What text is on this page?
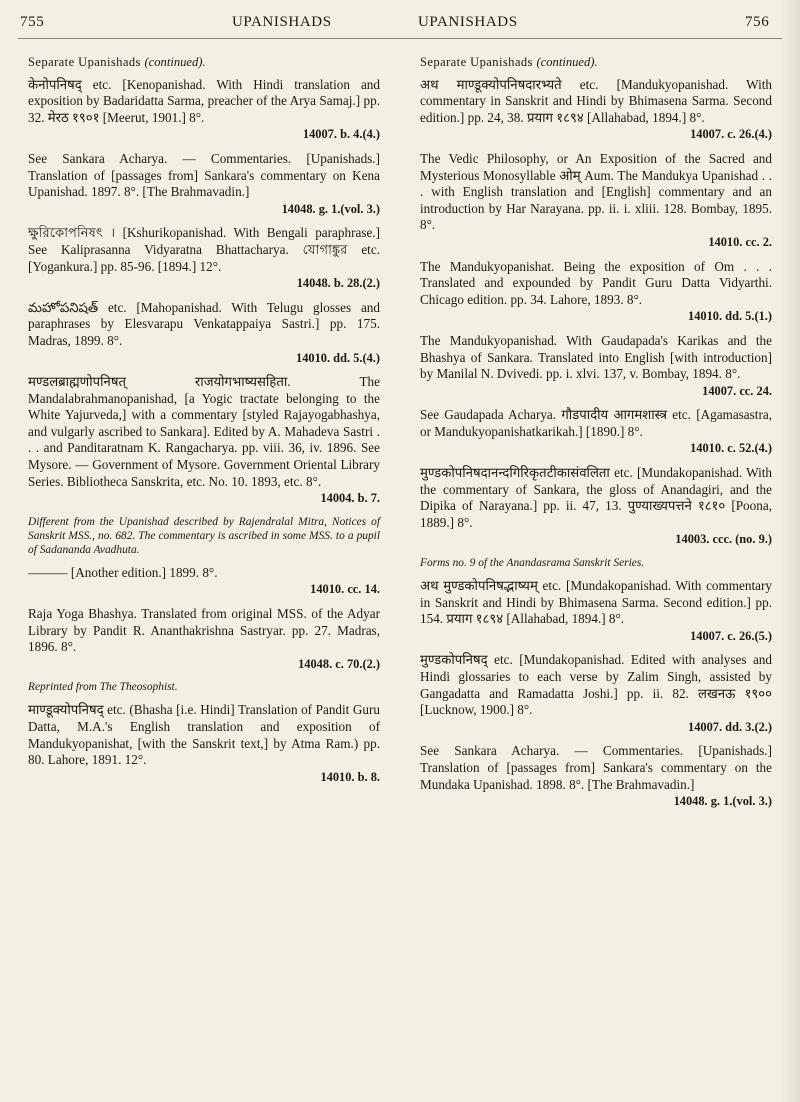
755	UPANISHADS	UPANISHADS	756
Separate Upanishads (continued).

केनोपनिषद् etc. [Kenopanishad. With Hindi translation and exposition by Badaridatta Sarma, preacher of the Arya Samaj.] pp. 32. मेरठ १९०१ [Meerut, 1901.] 8°.

14007. b. 4.(4.)

See Sankara Acharya. — Commentaries. [Upanishads.] Translation of [passages from] Sankara's commentary on Kena Upanishad. 1897. 8°. [The Brahmavadin.]

14048. g. 1.(vol. 3.)

ক্ষুরিকোপনিষৎ । [Kshurikopanishad. With Bengali paraphrase.] See Kaliprasanna Vidyaratna Bhattacharya. যোগাঙ্কুর etc. [Yogankura.] pp. 85-96. [1894.] 12°.

14048. b. 28.(2.)

మహోపనిషత్ etc. [Mahopanishad. With Telugu glosses and paraphrases by Elesvarapu Venkatappaiya Sastri.] pp. 175. Madras, 1899. 8°.

14010. dd. 5.(4.)

मण्डलब्राह्मणोपनिषत् राजयोगभाष्यसहिता. The Mandalabrahmanopanishad, [a Yogic tractate belonging to the White Yajurveda,] with a commentary [styled Rajayogabhashya, and vulgarly ascribed to Sankara]. Edited by A. Mahadeva Sastri . . . and Panditaratnam K. Rangacharya. pp. viii. 36, iv. 1896. See Mysore. — Government of Mysore. Government Oriental Library Series. Bibliotheca Sanskrita, etc. No. 10. 1893, etc. 8°.

14004. b. 7.

Different from the Upanishad described by Rajendralal Mitra, Notices of Sanskrit MSS., no. 682. The commentary is ascribed in some MSS. to a pupil of Sadananda Avadhuta.

——— [Another edition.] 1899. 8°.

14010. cc. 14.

Raja Yoga Bhashya. Translated from original MSS. of the Adyar Library by Pandit R. Ananthakrishna Sastryar. pp. 27. Madras, 1896. 8°.

14048. c. 70.(2.)

Reprinted from The Theosophist.

माण्डूक्योपनिषद् etc. (Bhasha [i.e. Hindi] Translation of Pandit Guru Datta, M.A.'s English translation and exposition of Mandukyopanishat, [with the Sanskrit text,] by Atma Ram.) pp. 80. Lahore, 1891. 12°.

14010. b. 8.
Separate Upanishads (continued).

अथ माण्डूक्योपनिषदारभ्यते etc. [Mandukyopanishad. With commentary in Sanskrit and Hindi by Bhimasena Sarma. Second edition.] pp. 24, 38. प्रयाग १८९४ [Allahabad, 1894.] 8°.

14007. c. 26.(4.)

The Vedic Philosophy, or An Exposition of the Sacred and Mysterious Monosyllable ओम् Aum. The Mandukya Upanishad . . . with English translation and [English] commentary and an introduction by Har Narayana. pp. ii. i. xliii. 128. Bombay, 1895. 8°.

14010. cc. 2.

The Mandukyopanishat. Being the exposition of Om . . . Translated and expounded by Pandit Guru Datta Vidyarthi. Chicago edition. pp. 34. Lahore, 1893. 8°.

14010. dd. 5.(1.)

The Mandukyopanishad. With Gaudapada's Karikas and the Bhashya of Sankara. Translated into English [with introduction] by Manilal N. Dvivedi. pp. i. xlvi. 137, v. Bombay, 1894. 8°.

14007. cc. 24.

See Gaudapada Acharya. गौडपादीय आगमशास्त्र etc. [Agamasastra, or Mandukyopanishatkarikah.] [1890.] 8°.

14010. c. 52.(4.)

मुण्डकोपनिषदानन्दगिरिकृतटीकासंवलिता etc. [Mundakopanishad. With the commentary of Sankara, the gloss of Anandagiri, and the Dipika of Narayana.] pp. ii. 47, 13. पुण्याख्यपत्तने १८१० [Poona, 1889.] 8°.

14003. ccc. (no. 9.)

Forms no. 9 of the Anandasrama Sanskrit Series.

अथ मुण्डकोपनिषद्भाष्यम् etc. [Mundakopanishad. With commentary in Sanskrit and Hindi by Bhimasena Sarma. Second edition.] pp. 154. प्रयाग १८९४ [Allahabad, 1894.] 8°.

14007. c. 26.(5.)

मुण्डकोपनिषद् etc. [Mundakopanishad. Edited with analyses and Hindi glossaries to each verse by Zalim Singh, assisted by Gangadatta and Ramadatta Joshi.] pp. ii. 82. लखनऊ १९०० [Lucknow, 1900.] 8°.

14007. dd. 3.(2.)

See Sankara Acharya. — Commentaries. [Upanishads.] Translation of [passages from] Sankara's commentary on the Mundaka Upanishad. 1898. 8°. [The Brahmavadin.]

14048. g. 1.(vol. 3.)
